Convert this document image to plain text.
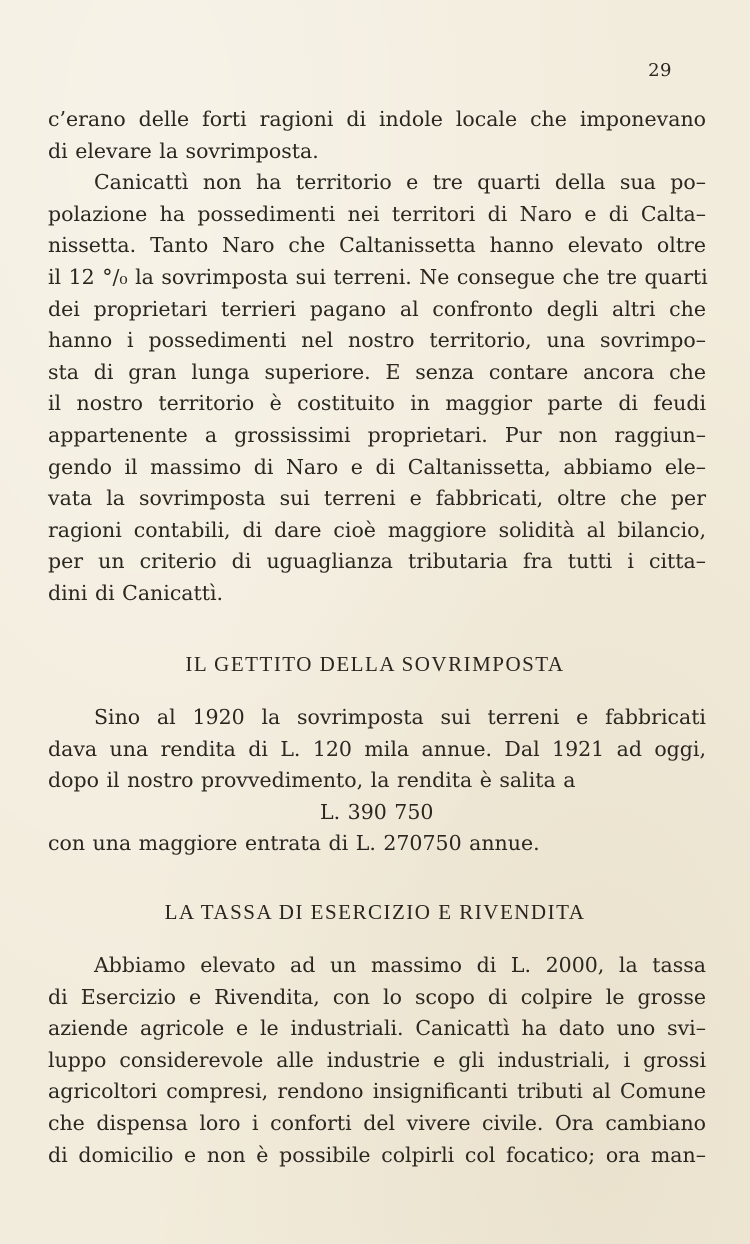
29
c’erano delle forti ragioni di indole locale che imponevano
di elevare la sovrimposta.
Canicattì non ha territorio e tre quarti della sua po–
polazione ha possedimenti nei territori di Naro e di Calta–
nissetta. Tanto Naro che Caltanissetta hanno elevato oltre
il 12 °/₀ la sovrimposta sui terreni. Ne consegue che tre quarti
dei proprietari terrieri pagano al confronto degli altri che
hanno i possedimenti nel nostro territorio, una sovrimpo–
sta di gran lunga superiore. E senza contare ancora che
il nostro territorio è costituito in maggior parte di feudi
appartenente a grossissimi proprietari. Pur non raggiun–
gendo il massimo di Naro e di Caltanissetta, abbiamo ele–
vata la sovrimposta sui terreni e fabbricati, oltre che per
ragioni contabili, di dare cioè maggiore solidità al bilancio,
per un criterio di uguaglianza tributaria fra tutti i citta–
dini di Canicattì.
IL GETTITO DELLA SOVRIMPOSTA
Sino al 1920 la sovrimposta sui terreni e fabbricati
dava una rendita di L. 120 mila annue. Dal 1921 ad oggi,
dopo il nostro provvedimento, la rendita è salita a
L. 390 750
con una maggiore entrata di L. 270750 annue.
LA TASSA DI ESERCIZIO E RIVENDITA
Abbiamo elevato ad un massimo di L. 2000, la tassa
di Esercizio e Rivendita, con lo scopo di colpire le grosse
aziende agricole e le industriali. Canicattì ha dato uno svi–
luppo considerevole alle industrie e gli industriali, i grossi
agricoltori compresi, rendono insignificanti tributi al Comune
che dispensa loro i conforti del vivere civile. Ora cambiano
di domicilio e non è possibile colpirli col focatico; ora man–
